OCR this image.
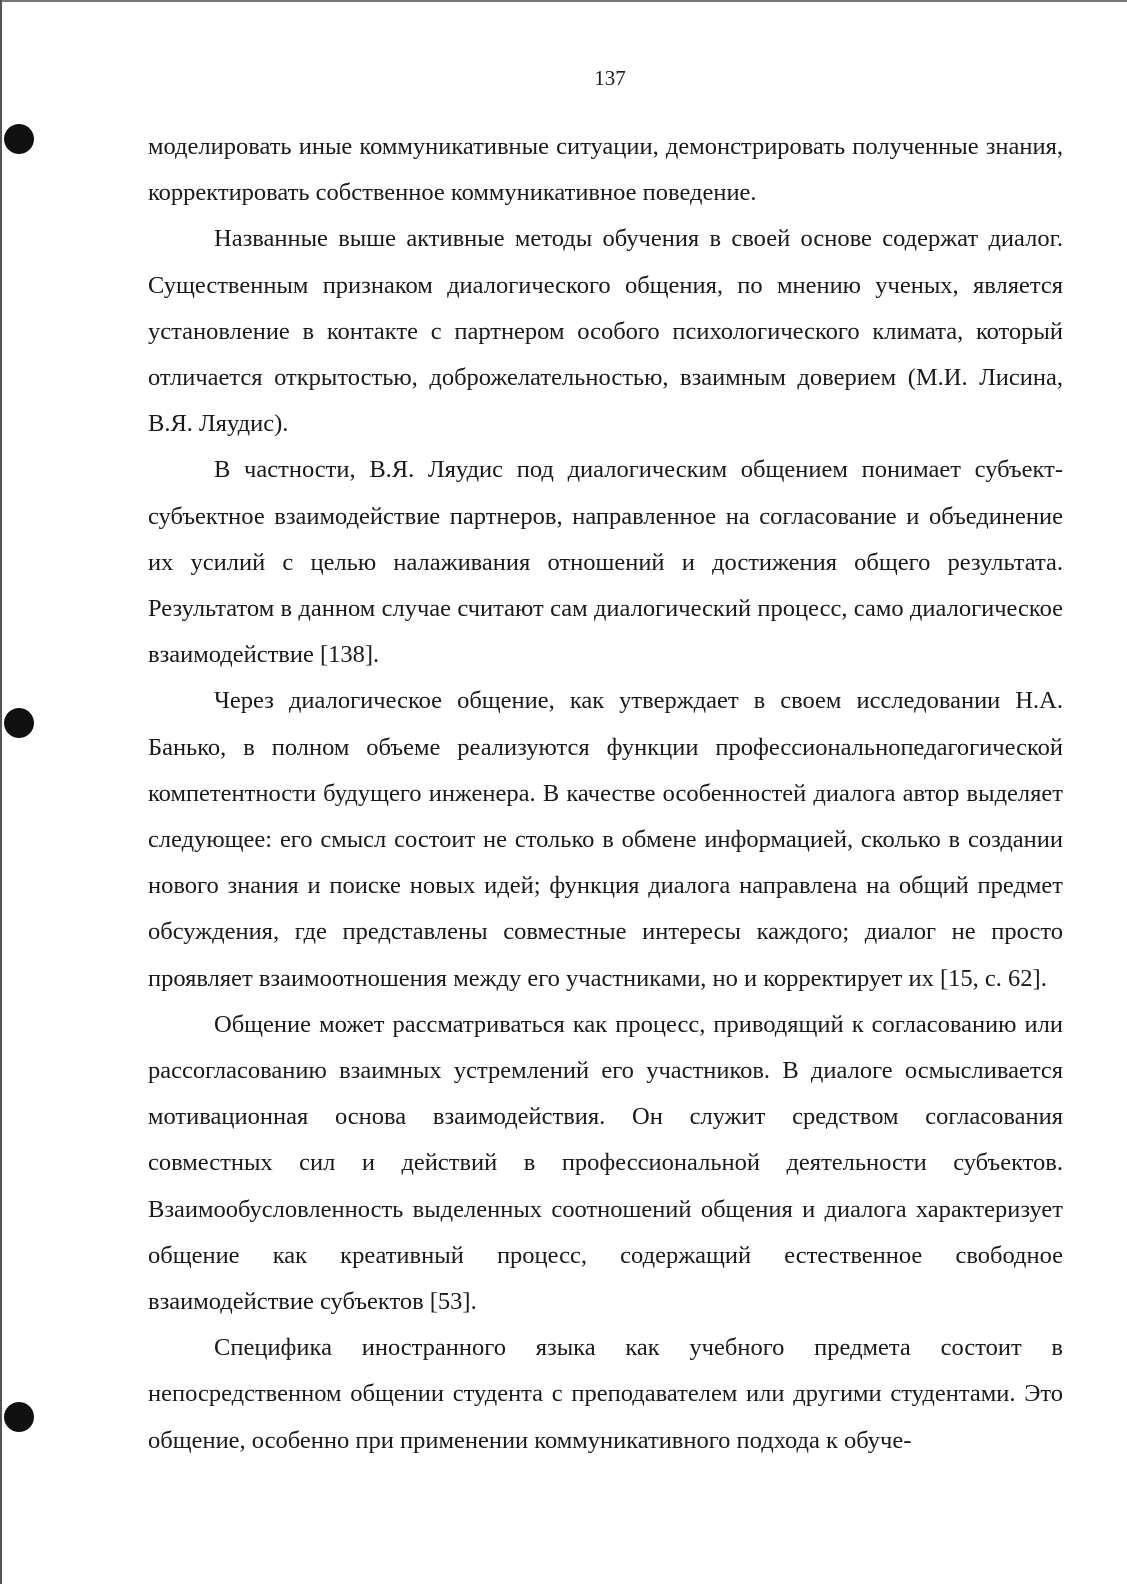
137

моделировать иные коммуникативные ситуации, демонстрировать полученные знания, корректировать собственное коммуникативное поведение.

Названные выше активные методы обучения в своей основе содержат диалог. Существенным признаком диалогического общения, по мнению ученых, является установление в контакте с партнером особого психологического климата, который отличается открытостью, доброжелательностью, взаимным доверием (М.И. Лисина, В.Я. Ляудис).

В частности, В.Я. Ляудис под диалогическим общением понимает субъект-субъектное взаимодействие партнеров, направленное на согласование и объединение их усилий с целью налаживания отношений и достижения общего результата. Результатом в данном случае считают сам диалогический процесс, само диалогическое взаимодействие [138].

Через диалогическое общение, как утверждает в своем исследовании Н.А. Банько, в полном объеме реализуются функции профессиональнопедагогической компетентности будущего инженера. В качестве особенностей диалога автор выделяет следующее: его смысл состоит не столько в обмене информацией, сколько в создании нового знания и поиске новых идей; функция диалога направлена на общий предмет обсуждения, где представлены совместные интересы каждого; диалог не просто проявляет взаимоотношения между его участниками, но и корректирует их [15, с. 62].

Общение может рассматриваться как процесс, приводящий к согласованию или рассогласованию взаимных устремлений его участников. В диалоге осмысливается мотивационная основа взаимодействия. Он служит средством согласования совместных сил и действий в профессиональной деятельности субъектов. Взаимообусловленность выделенных соотношений общения и диалога характеризует общение как креативный процесс, содержащий естественное свободное взаимодействие субъектов [53].

Специфика иностранного языка как учебного предмета состоит в непосредственном общении студента с преподавателем или другими студентами. Это общение, особенно при применении коммуникативного подхода к обуче-
